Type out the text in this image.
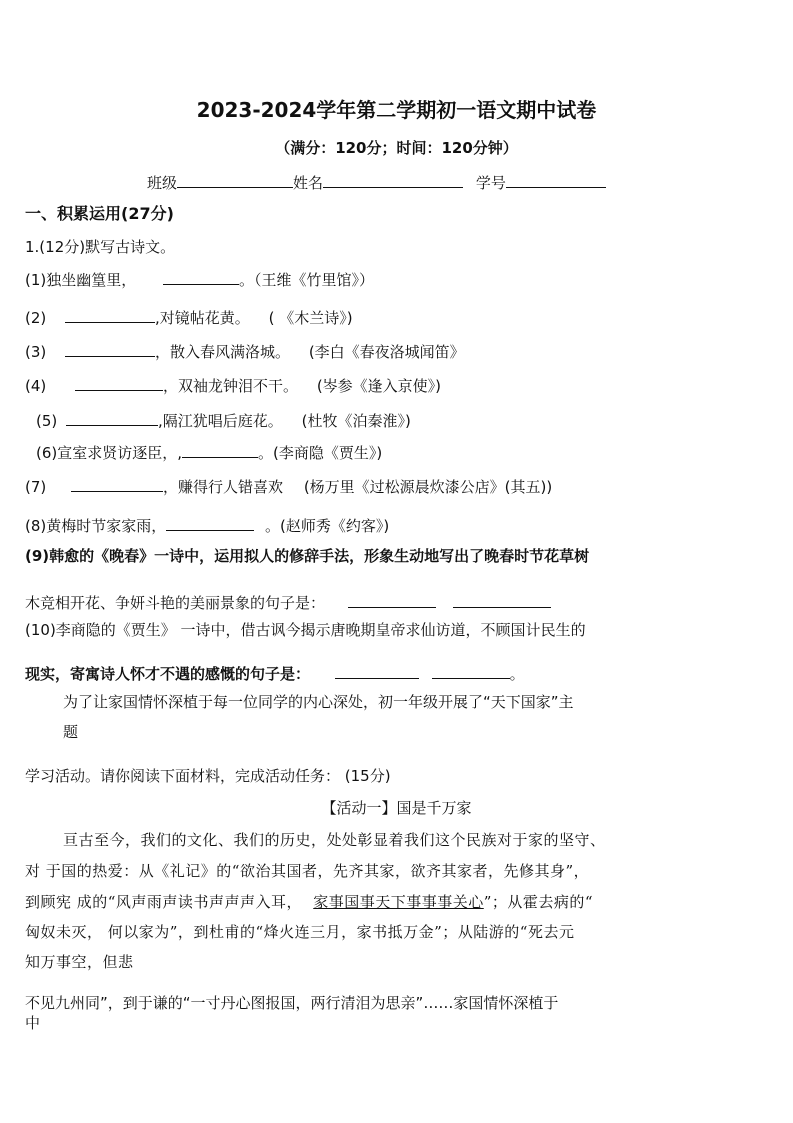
2023-2024学年第二学期初一语文期中试卷
（满分：120分；时间：120分钟）
班级	姓名	学号
一、积累运用(27分)
1.(12分)默写古诗文。
(1)独坐幽篁里，	。（王维《竹里馆》）
(2)	,对镜帖花黄。 ( 《木兰诗》)
(3)	，散入春风满洛城。 (李白《春夜洛城闻笛》
(4)	，双袖龙钟泪不干。 (岑参《逢入京使》)
(5)	,隔江犹唱后庭花。 (杜牧《泊秦淮》)
(6)宣室求贤访逐臣，,	。(李商隐《贾生》)
(7)	，赚得行人错喜欢 (杨万里《过松源晨炊漆公店》(其五))
(8)黄梅时节家家雨，	。(赵师秀《约客》)
(9)韩愈的《晚春》一诗中，运用拟人的修辞手法，形象生动地写出了晚春时节花草树
木竞相开花、争妍斗艳的美丽景象的句子是：
(10)李商隐的《贾生》 一诗中，借古讽今揭示唐晚期皇帝求仙访道，不顾国计民生的
现实，寄寓诗人怀才不遇的感慨的句子是：	。
为了让家国情怀深植于每一位同学的内心深处，初一年级开展了“天下国家”主
题
学习活动。请你阅读下面材料，完成活动任务： (15分)
【活动一】国是千万家
亘古至今，我们的文化、我们的历史，处处彰显着我们这个民族对于家的坚守、
对 于国的热爱：从《礼记》的“欲治其国者，先齐其家，欲齐其家者，先修其身”，
到顾宪 成的“风声雨声读书声声声入耳， 家事国事天下事事事关心”；从霍去病的“
匈奴未灭， 何以家为”，到杜甫的“烽火连三月，家书抵万金”；从陆游的“死去元
知万事空，但悲
不见九州同”，到于谦的“一寸丹心图报国，两行清泪为思亲”……家国情怀深植于
中
